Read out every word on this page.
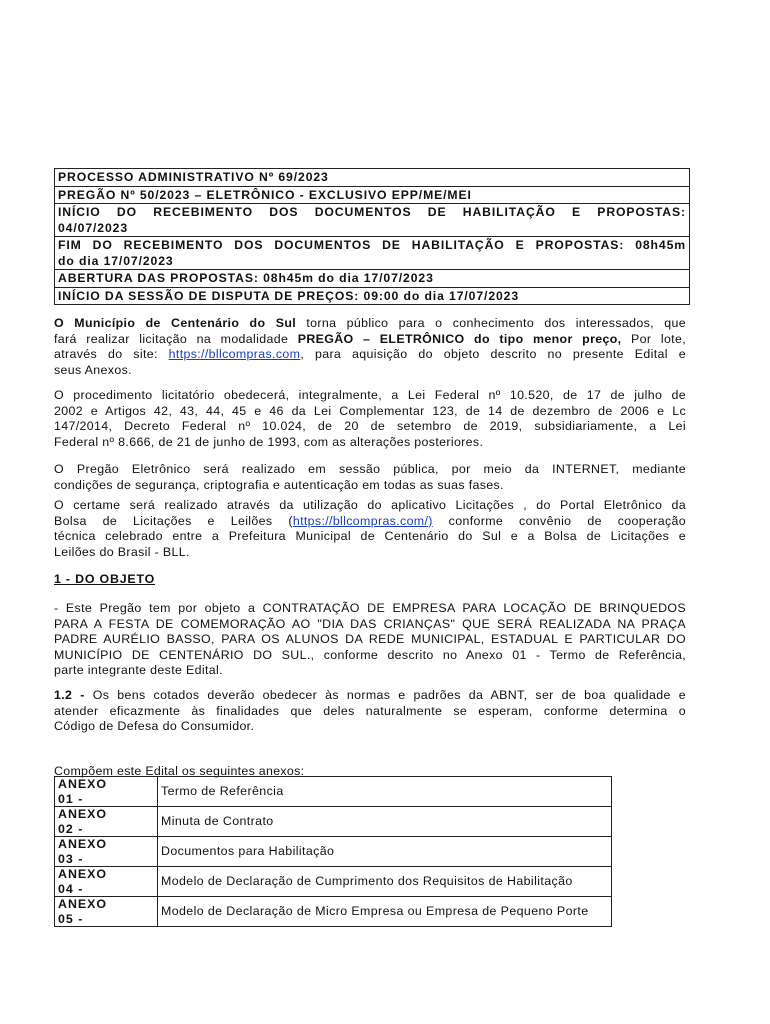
PROCESSO ADMINISTRATIVO Nº 69/2023
PREGÃO Nº 50/2023 – ELETRÔNICO - EXCLUSIVO EPP/ME/MEI
INÍCIO DO RECEBIMENTO DOS DOCUMENTOS DE HABILITAÇÃO E PROPOSTAS:
04/07/2023
FIM DO RECEBIMENTO DOS DOCUMENTOS DE HABILITAÇÃO E PROPOSTAS: 08h45m
do dia 17/07/2023
ABERTURA DAS PROPOSTAS: 08h45m do dia 17/07/2023
INÍCIO DA SESSÃO DE DISPUTA DE PREÇOS: 09:00 do dia 17/07/2023
O Município de Centenário do Sul torna público para o conhecimento dos interessados, que
fará realizar licitação na modalidade PREGÃO – ELETRÔNICO do tipo menor preço, Por lote,
através do site: https://bllcompras.com, para aquisição do objeto descrito no presente Edital e
seus Anexos.
O procedimento licitatório obedecerá, integralmente, a Lei Federal nº 10.520, de 17 de julho de
2002 e Artigos 42, 43, 44, 45 e 46 da Lei Complementar 123, de 14 de dezembro de 2006 e Lc
147/2014, Decreto Federal nº 10.024, de 20 de setembro de 2019, subsidiariamente, a Lei
Federal nº 8.666, de 21 de junho de 1993, com as alterações posteriores.
O Pregão Eletrônico será realizado em sessão pública, por meio da INTERNET, mediante
condições de segurança, criptografia e autenticação em todas as suas fases.
O certame será realizado através da utilização do aplicativo Licitações , do Portal Eletrônico da
Bolsa de Licitações e Leilões (https://bllcompras.com/) conforme convênio de cooperação
técnica celebrado entre a Prefeitura Municipal de Centenário do Sul e a Bolsa de Licitações e
Leilões do Brasil - BLL.
1 - DO OBJETO
- Este Pregão tem por objeto a CONTRATAÇÃO DE EMPRESA PARA LOCAÇÃO DE BRINQUEDOS
PARA A FESTA DE COMEMORAÇÃO AO "DIA DAS CRIANÇAS" QUE SERÁ REALIZADA NA PRAÇA
PADRE AURÉLIO BASSO, PARA OS ALUNOS DA REDE MUNICIPAL, ESTADUAL E PARTICULAR DO
MUNICÍPIO DE CENTENÁRIO DO SUL., conforme descrito no Anexo 01 - Termo de Referência,
parte integrante deste Edital.
1.2 - Os bens cotados deverão obedecer às normas e padrões da ABNT, ser de boa qualidade e
atender eficazmente às finalidades que deles naturalmente se esperam, conforme determina o
Código de Defesa do Consumidor.
Compõem este Edital os seguintes anexos:
ANEXO
01 -	Termo de Referência
ANEXO
02 -	Minuta de Contrato
ANEXO
03 -	Documentos para Habilitação
ANEXO
04 -	Modelo de Declaração de Cumprimento dos Requisitos de Habilitação
ANEXO
05 -	Modelo de Declaração de Micro Empresa ou Empresa de Pequeno Porte
